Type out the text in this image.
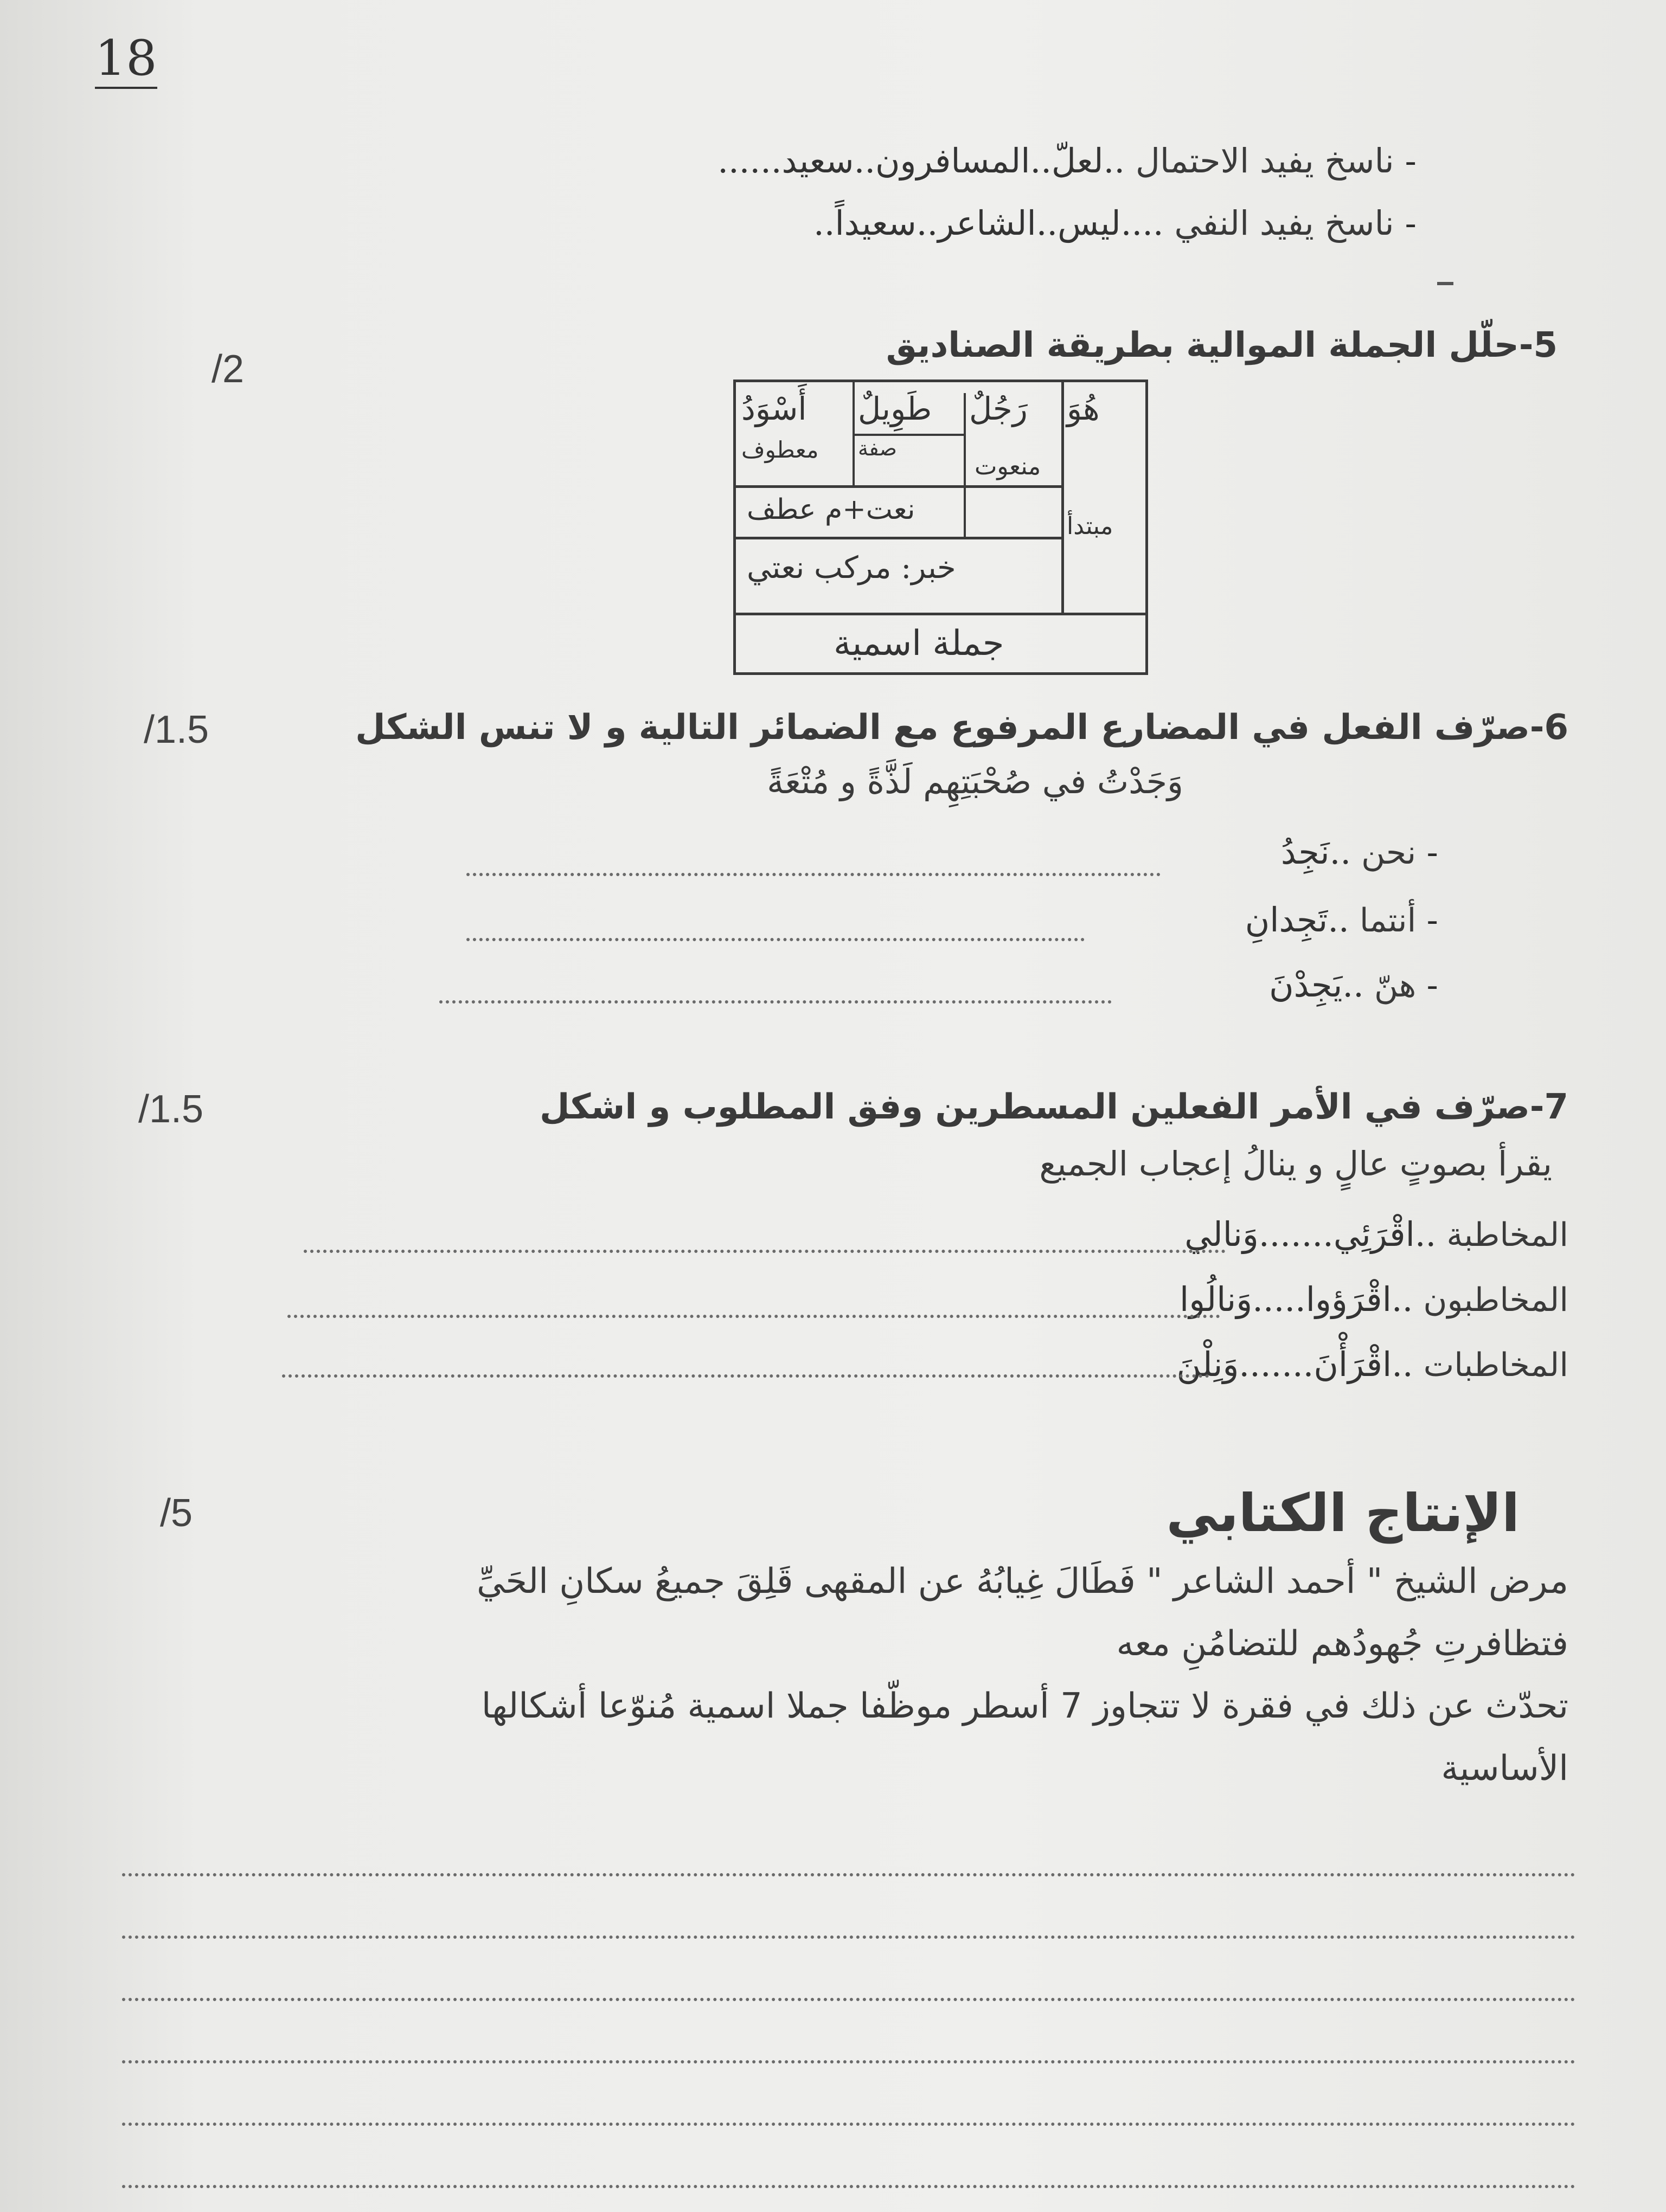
18
- ناسخ يفيد الاحتمال ..لعلّ..المسافرون..سعيد......
- ناسخ يفيد النفي ....ليس..الشاعر..سعيداً..
5-حلّل الجملة الموالية بطريقة الصناديق
/2
هُوَ
رَجُلٌ
طَوِيلٌ
أَسْوَدُ
معطوف صفة
منعوت
نعت+م عطف
مبتدأ
خبر: مركب نعتي
جملة اسمية
6-صرّف الفعل في المضارع المرفوع مع الضمائر التالية و لا تنس الشكل
/1.5
وَجَدْتُ في صُحْبَتِهِم لَذَّةً و مُتْعَةً
- نحن ..نَجِدُ
- أنتما ..تَجِدانِ
- هنّ ..يَجِدْنَ
7-صرّف في الأمر الفعلين المسطرين وفق المطلوب و اشكل
/1.5
يقرأ بصوتٍ عالٍ و ينالُ إعجاب الجميع
المخاطبة ..اقْرَئِي.......وَنالي
المخاطبون ..اقْرَؤوا.....وَنالُوا
المخاطبات ..اقْرَأْنَ.......وَنِلْنَ
الإنتاج الكتابي
/5
مرض الشيخ " أحمد الشاعر " فَطَالَ غِيابُهُ عن المقهى قَلِقَ جميعُ سكانِ الحَيِّ
فتظافرتِ جُهودُهم للتضامُنِ معه
تحدّث عن ذلك في فقرة لا تتجاوز 7 أسطر موظّفا جملا اسمية مُنوّعا أشكالها
الأساسية
